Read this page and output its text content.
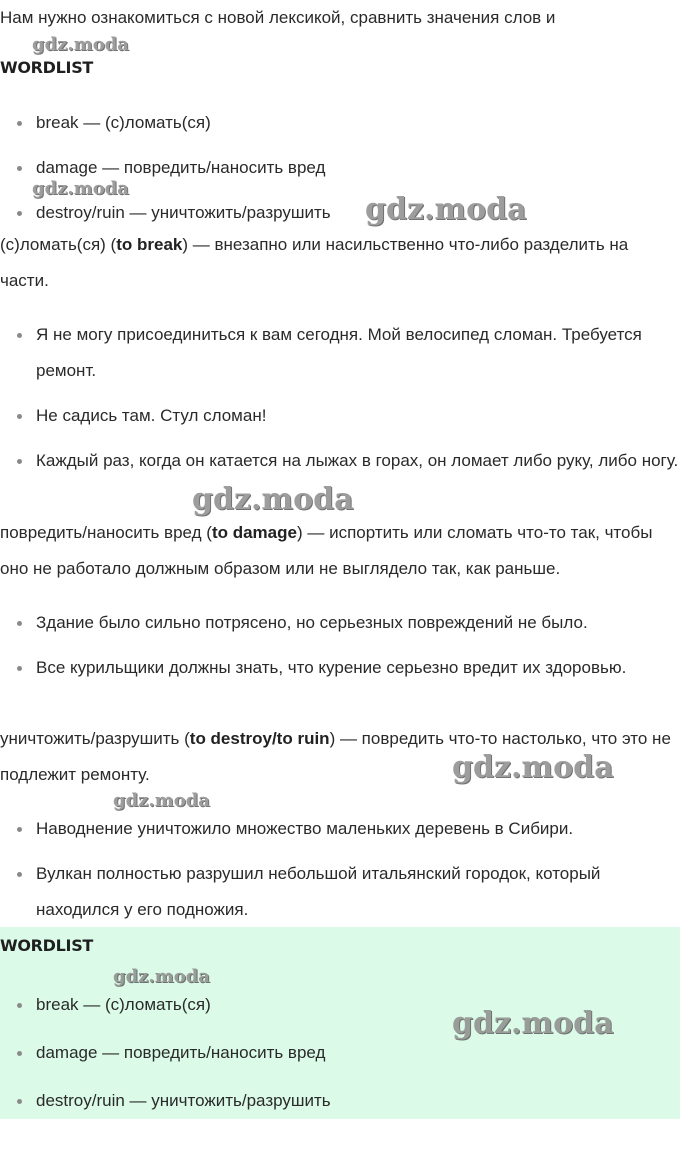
Нам нужно ознакомиться с новой лексикой, сравнить значения слов и

WORDLIST
break — (с)ломать(ся)
damage — повредить/наносить вред
destroy/ruin — уничтожить/разрушить

(с)ломать(ся) (to break) — внезапно или насильственно что-либо разделить на части.

Я не могу присоединиться к вам сегодня. Мой велосипед сломан. Требуется ремонт.
Не садись там. Стул сломан!
Каждый раз, когда он катается на лыжах в горах, он ломает либо руку, либо ногу.

повредить/наносить вред (to damage) — испортить или сломать что-то так, чтобы оно не работало должным образом или не выглядело так, как раньше.

Здание было сильно потрясено, но серьезных повреждений не было.
Все курильщики должны знать, что курение серьезно вредит их здоровью.

уничтожить/разрушить (to destroy/to ruin) — повредить что-то настолько, что это не подлежит ремонту.

Наводнение уничтожило множество маленьких деревень в Сибири.
Вулкан полностью разрушил небольшой итальянский городок, который находился у его подножия.
WORDLIST
break — (с)ломать(ся)
damage — повредить/наносить вред
destroy/ruin — уничтожить/разрушить
gdz.moda
gdz.moda
gdz.moda
gdz.moda
gdz.moda
gdz.moda
gdz.moda
gdz.moda
